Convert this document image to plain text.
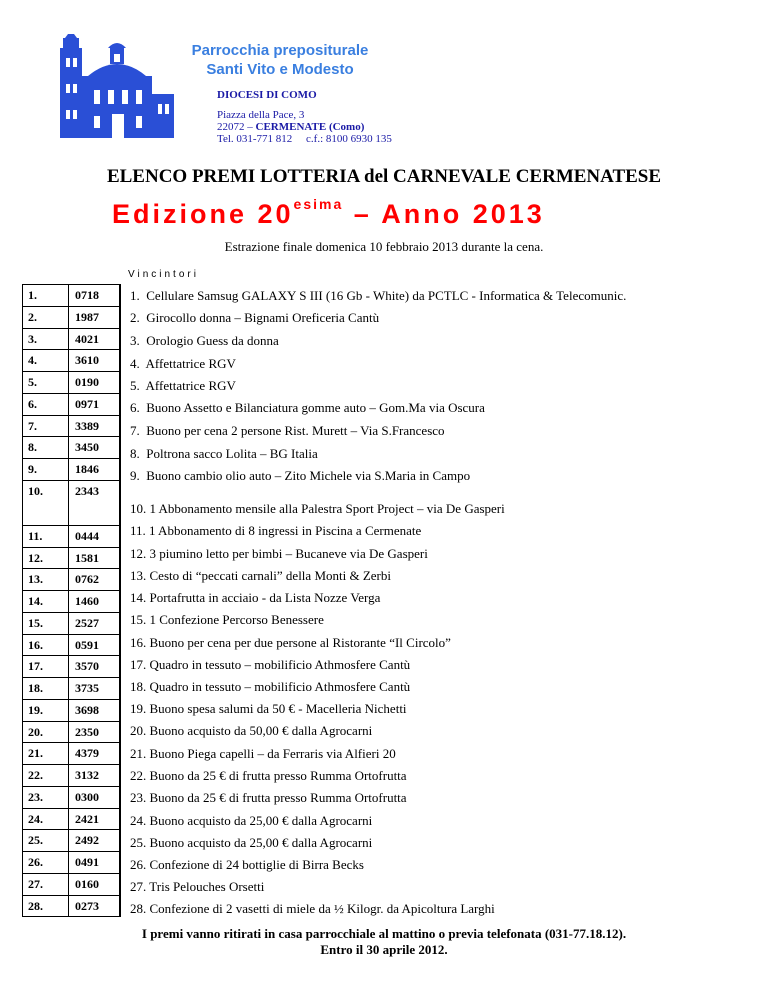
Parrocchia prepositurale
Santi Vito e Modesto
DIOCESI DI COMO
Piazza della Pace, 3
22072 – CERMENATE (Como)
Tel. 031-771 812     c.f.: 8100 6930 135
ELENCO PREMI LOTTERIA del CARNEVALE CERMENATESE
Edizione $20^{esima}$ – Anno 2013
Estrazione finale domenica 10 febbraio 2013 durante la cena.
Vincintori
1.	0718
2.	1987
3.	4021
4.	3610
5.	0190
6.	0971
7.	3389
8.	3450
9.	1846
10.	2343
11.	0444
12.	1581
13.	0762
14.	1460
15.	2527
16.	0591
17.	3570
18.	3735
19.	3698
20.	2350
21.	4379
22.	3132
23.	0300
24.	2421
25.	2492
26.	0491
27.	0160
28.	0273
1.  Cellulare Samsug GALAXY S III (16 Gb - White) da PCTLC - Informatica & Telecomunic.
2.  Girocollo donna – Bignami Oreficeria Cantù
3.  Orologio Guess da donna
4.  Affettatrice RGV
5.  Affettatrice RGV
6.  Buono Assetto e Bilanciatura gomme auto – Gom.Ma via Oscura
7.  Buono per cena 2 persone Rist. Murett – Via S.Francesco
8.  Poltrona sacco Lolita – BG Italia
9.  Buono cambio olio auto – Zito Michele via S.Maria in Campo
10. 1 Abbonamento mensile alla Palestra Sport Project – via De Gasperi
11. 1 Abbonamento di 8 ingressi in Piscina a Cermenate
12. 3 piumino letto per bimbi – Bucaneve via De Gasperi
13. Cesto di “peccati carnali” della Monti & Zerbi
14. Portafrutta in acciaio - da Lista Nozze Verga
15. 1 Confezione Percorso Benessere
16. Buono per cena per due persone al Ristorante “Il Circolo”
17. Quadro in tessuto – mobilificio Athmosfere Cantù
18. Quadro in tessuto – mobilificio Athmosfere Cantù
19. Buono spesa salumi da 50 € - Macelleria Nichetti
20. Buono acquisto da 50,00 € dalla Agrocarni
21. Buono Piega capelli – da Ferraris via Alfieri 20
22. Buono da 25 € di frutta presso Rumma Ortofrutta
23. Buono da 25 € di frutta presso Rumma Ortofrutta
24. Buono acquisto da 25,00 € dalla Agrocarni
25. Buono acquisto da 25,00 € dalla Agrocarni
26. Confezione di 24 bottiglie di Birra Becks
27. Tris Pelouches Orsetti
28. Confezione di 2 vasetti di miele da ½ Kilogr. da Apicoltura Larghi
I premi vanno ritirati in casa parrocchiale al mattino o previa telefonata (031-77.18.12).
Entro il 30 aprile 2012.
